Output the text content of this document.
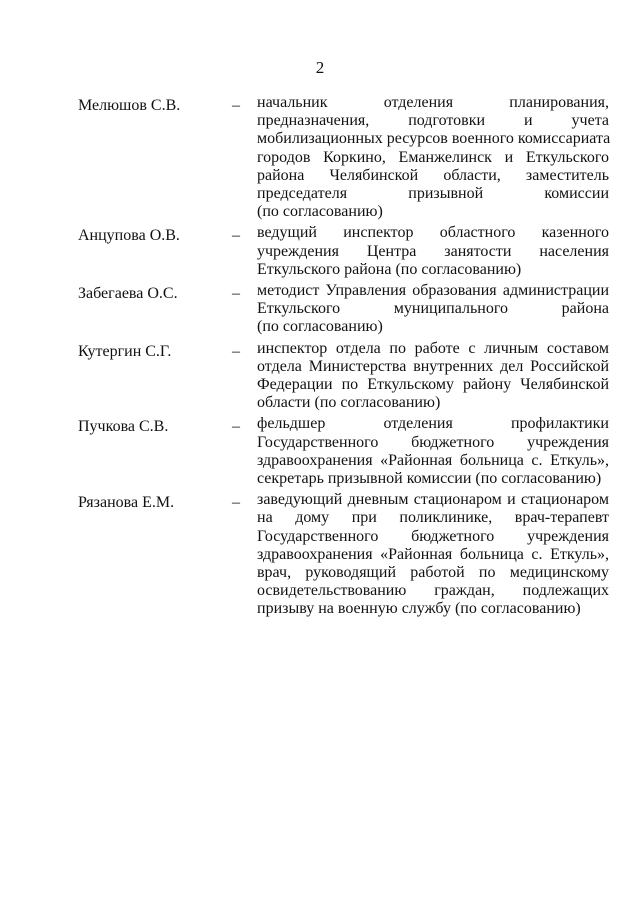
2
Мелюшов С.В.	– начальник отделения планирования,
предназначения, подготовки и учета
мобилизационных ресурсов военного комиссариата
городов Коркино, Еманжелинск и Еткульского
района Челябинской области, заместитель
председателя призывной комиссии
(по согласованию)
Анцупова О.В.	– ведущий инспектор областного казенного
учреждения Центра занятости населения
Еткульского района (по согласованию)
Забегаева О.С.	– методист Управления образования администрации
Еткульского муниципального района
(по согласованию)
Кутергин С.Г.	– инспектор отдела по работе с личным составом
отдела Министерства внутренних дел Российской
Федерации по Еткульскому району Челябинской
области (по согласованию)
Пучкова С.В.	– фельдшер отделения профилактики
Государственного бюджетного учреждения
здравоохранения «Районная больница с. Еткуль»,
секретарь призывной комиссии (по согласованию)
Рязанова Е.М.	– заведующий дневным стационаром и стационаром
на дому при поликлинике, врач-терапевт
Государственного бюджетного учреждения
здравоохранения «Районная больница с. Еткуль»,
врач, руководящий работой по медицинскому
освидетельствованию граждан, подлежащих
призыву на военную службу (по согласованию)
